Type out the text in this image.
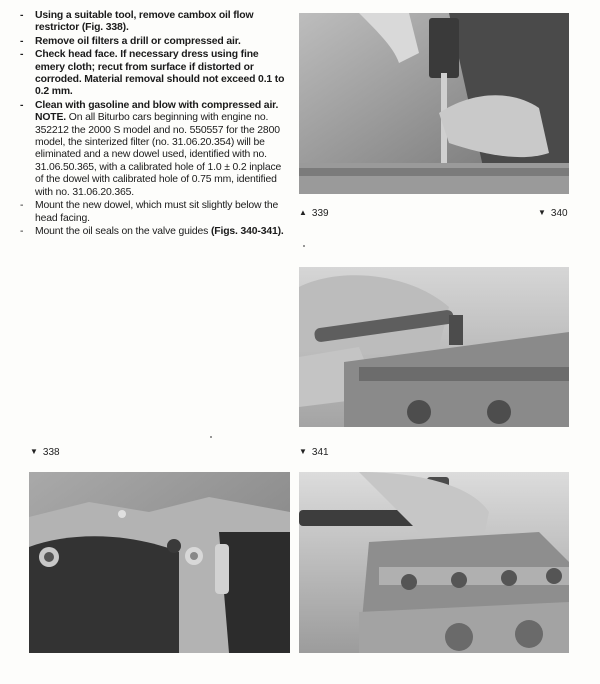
- Using a suitable tool, remove cambox oil flow restrictor (Fig. 338).
- Remove oil filters a drill or compressed air.
- Check head face. If necessary dress using fine emery cloth; recut from surface if distorted or corroded. Material removal should not exceed 0.1 to 0.2 mm.
- Clean with gasoline and blow with compressed air. NOTE. On all Biturbo cars beginning with engine no. 352212 the 2000 S model and no. 550557 for the 2800 model, the sinterized filter (no. 31.06.20.354) will be eliminated and a new dowel used, identified with no. 31.06.50.365, with a calibrated hole of 1.0 ± 0.2 inplace of the dowel with calibrated hole of 0.75 mm, identified with no. 31.06.20.365.
- Mount the new dowel, which must sit slightly below the head facing.
- Mount the oil seals on the valve guides (Figs. 340-341).
▲ 339	▼ 340
▼ 338	▼ 341
